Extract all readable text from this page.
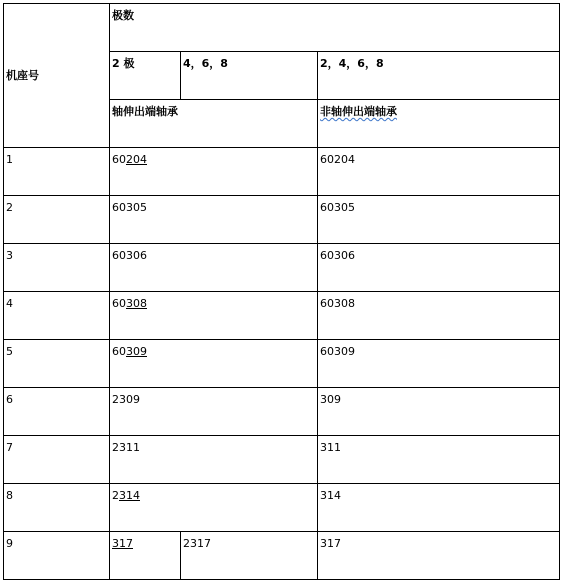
机座号	极数		
	2 极	4，6，8	2，4，6，8
	轴伸出端轴承		非轴伸出端轴承
1	60204		60204
2	60305		60305
3	60306		60306
4	60308		60308
5	60309		60309
6	2309		309
7	2311		311
8	2314		314
9	317	2317	317
